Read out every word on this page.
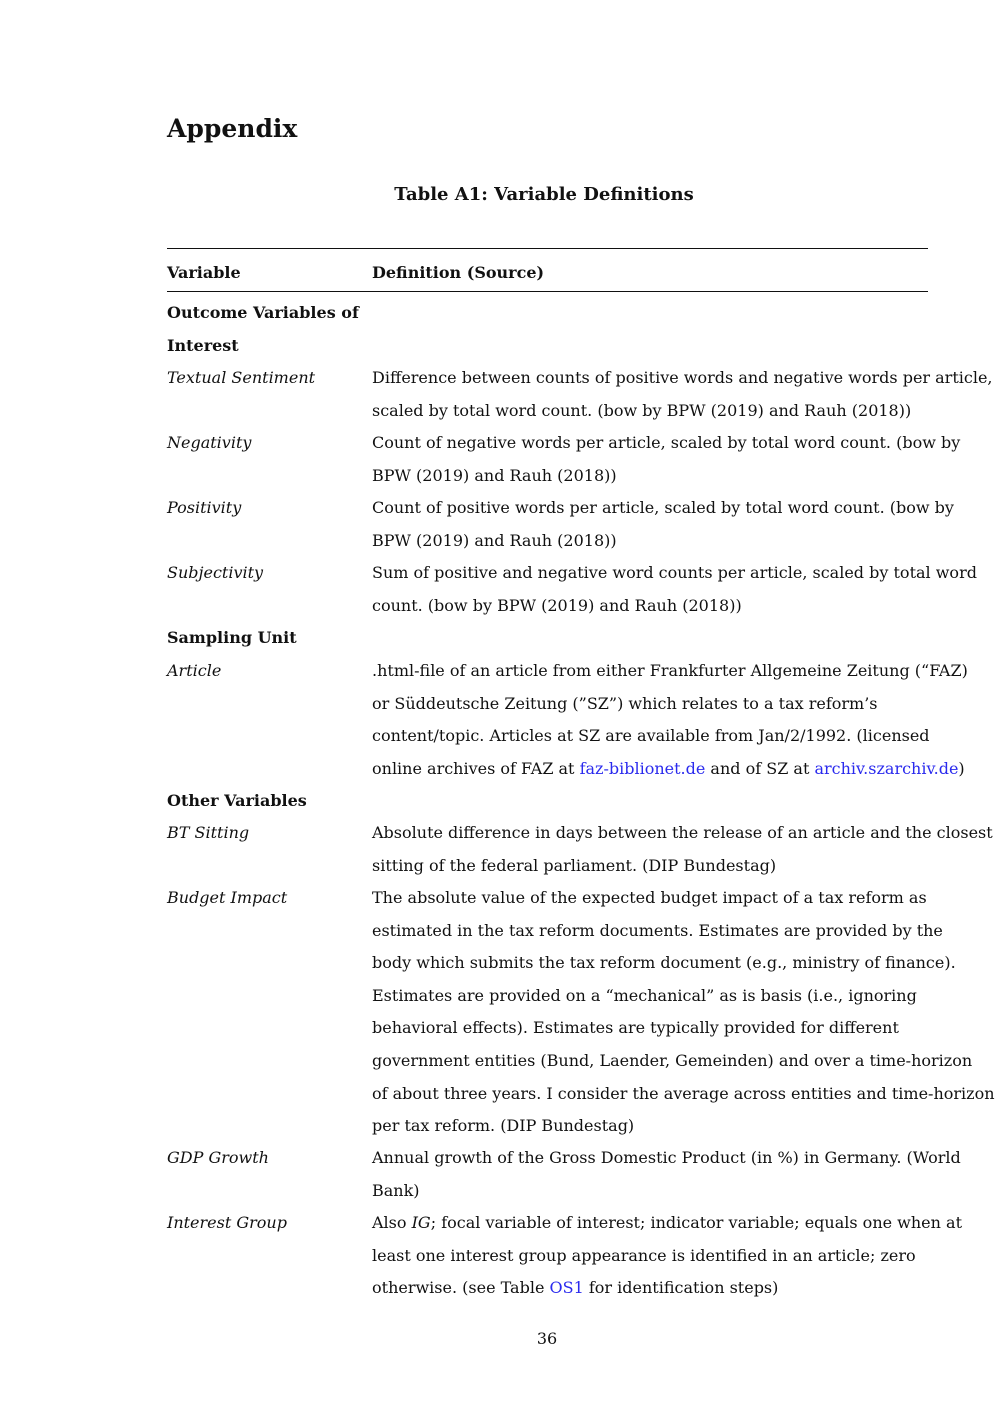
Appendix
Table A1: Variable Definitions
Variable	Definition (Source)
Outcome Variables of
Interest
Textual Sentiment	Difference between counts of positive words and negative words per article,
scaled by total word count. (bow by BPW (2019) and Rauh (2018))
Negativity	Count of negative words per article, scaled by total word count. (bow by
BPW (2019) and Rauh (2018))
Positivity	Count of positive words per article, scaled by total word count. (bow by
BPW (2019) and Rauh (2018))
Subjectivity	Sum of positive and negative word counts per article, scaled by total word
count. (bow by BPW (2019) and Rauh (2018))
Sampling Unit
Article	.html-file of an article from either Frankfurter Allgemeine Zeitung (“FAZ)
or Süddeutsche Zeitung (”SZ”) which relates to a tax reform’s
content/topic. Articles at SZ are available from Jan/2/1992. (licensed
online archives of FAZ at faz-biblionet.de and of SZ at archiv.szarchiv.de)
Other Variables
BT Sitting	Absolute difference in days between the release of an article and the closest
sitting of the federal parliament. (DIP Bundestag)
Budget Impact	The absolute value of the expected budget impact of a tax reform as
estimated in the tax reform documents. Estimates are provided by the
body which submits the tax reform document (e.g., ministry of finance).
Estimates are provided on a “mechanical” as is basis (i.e., ignoring
behavioral effects). Estimates are typically provided for different
government entities (Bund, Laender, Gemeinden) and over a time-horizon
of about three years. I consider the average across entities and time-horizon
per tax reform. (DIP Bundestag)
GDP Growth	Annual growth of the Gross Domestic Product (in %) in Germany. (World
Bank)
Interest Group	Also IG; focal variable of interest; indicator variable; equals one when at
least one interest group appearance is identified in an article; zero
otherwise. (see Table OS1 for identification steps)
36
